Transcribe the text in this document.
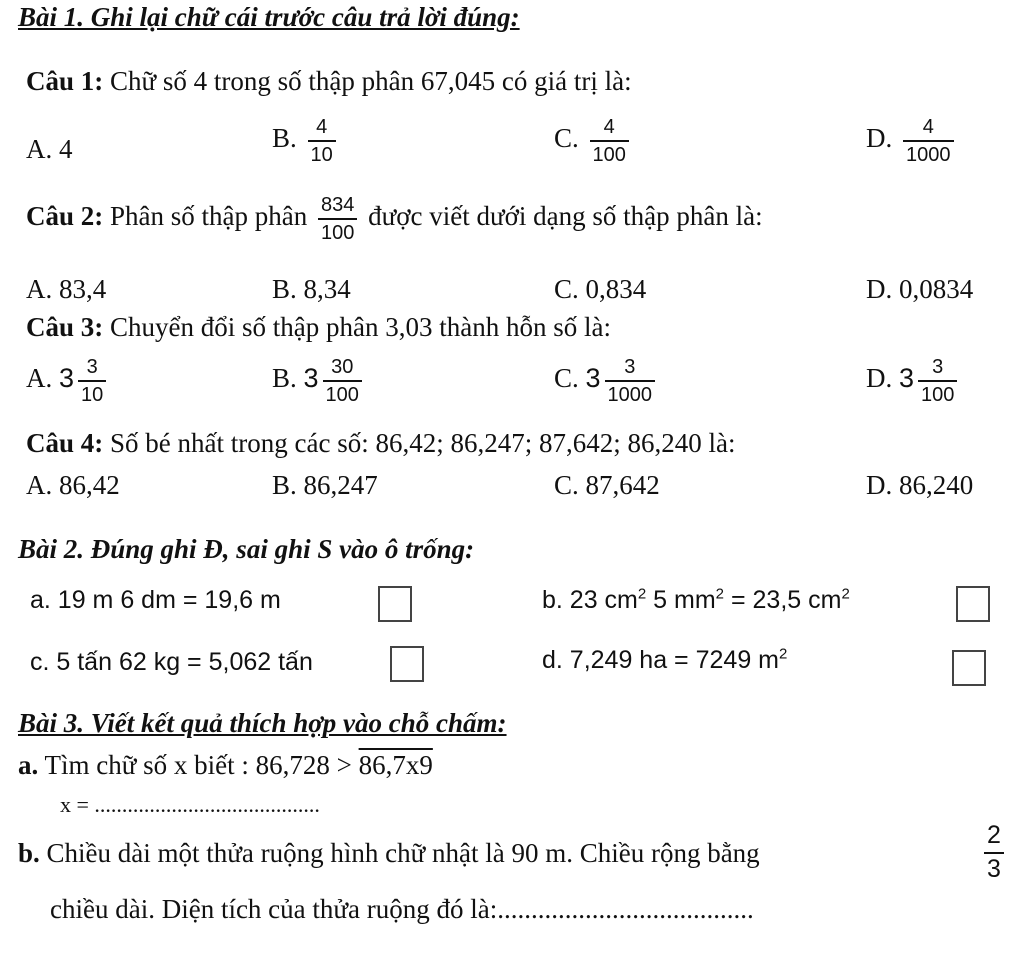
Bài 1. Ghi lại chữ cái trước câu trả lời đúng:
Câu 1: Chữ số 4 trong số thập phân 67,045 có giá trị là:
A. 4	B. $\frac{4}{10}$	C. $\frac{4}{100}$	D. $\frac{4}{1000}$
Câu 2: Phân số thập phân $\frac{834}{100}$ được viết dưới dạng số thập phân là:
A. 83,4	B. 8,34	C. 0,834	D. 0,0834
Câu 3: Chuyển đổi số thập phân 3,03 thành hỗn số là:
A. $3 \frac{3}{10}$	B. $3 \frac{30}{100}$	C. $3 \frac{3}{1000}$	D. $3 \frac{3}{100}$
Câu 4: Số bé nhất trong các số: 86,42; 86,247; 87,642; 86,240 là:
A. 86,42	B. 86,247	C. 87,642	D. 86,240
Bài 2. Đúng ghi Đ, sai ghi S vào ô trống:
a. 19 m 6 dm = 19,6 m	b. 23 $cm^2$ 5 $mm^2 = 23,5$ $cm^2$
c. 5 tấn 62 kg = 5,062 tấn	d. 7,249 ha = 7249 $m^2$
Bài 3. Viết kết quả thích hợp vào chỗ chấm:
a. Tìm chữ số x biết : 86,728 > 86,7x9
x = .........................................
b. Chiều dài một thửa ruộng hình chữ nhật là 90 m. Chiều rộng bằng	$\frac{2}{3}$
chiều dài. Diện tích của thửa ruộng đó là:......................................
